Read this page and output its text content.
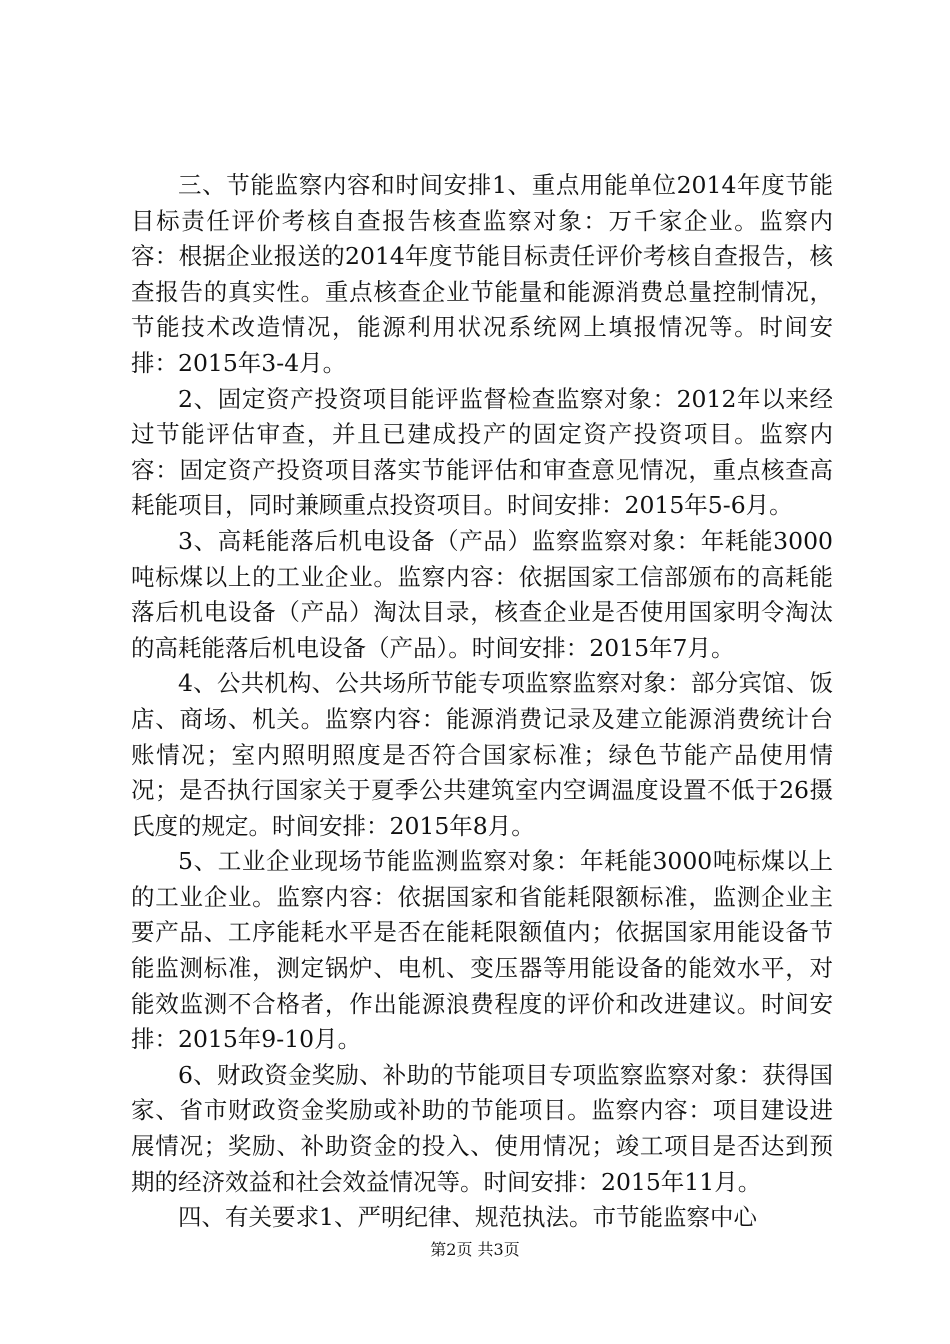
三、节能监察内容和时间安排1、重点用能单位2014年度节能目标责任评价考核自查报告核查监察对象：万千家企业。监察内容：根据企业报送的2014年度节能目标责任评价考核自查报告，核查报告的真实性。重点核查企业节能量和能源消费总量控制情况，节能技术改造情况，能源利用状况系统网上填报情况等。时间安排：2015年3-4月。

2、固定资产投资项目能评监督检查监察对象：2012年以来经过节能评估审查，并且已建成投产的固定资产投资项目。监察内容：固定资产投资项目落实节能评估和审查意见情况，重点核查高耗能项目，同时兼顾重点投资项目。时间安排：2015年5-6月。

3、高耗能落后机电设备（产品）监察监察对象：年耗能3000吨标煤以上的工业企业。监察内容：依据国家工信部颁布的高耗能落后机电设备（产品）淘汰目录，核查企业是否使用国家明令淘汰的高耗能落后机电设备（产品）。时间安排：2015年7月。

4、公共机构、公共场所节能专项监察监察对象：部分宾馆、饭店、商场、机关。监察内容：能源消费记录及建立能源消费统计台账情况；室内照明照度是否符合国家标准；绿色节能产品使用情况；是否执行国家关于夏季公共建筑室内空调温度设置不低于26摄氏度的规定。时间安排：2015年8月。

5、工业企业现场节能监测监察对象：年耗能3000吨标煤以上的工业企业。监察内容：依据国家和省能耗限额标准，监测企业主要产品、工序能耗水平是否在能耗限额值内；依据国家用能设备节能监测标准，测定锅炉、电机、变压器等用能设备的能效水平，对能效监测不合格者，作出能源浪费程度的评价和改进建议。时间安排：2015年9-10月。

6、财政资金奖励、补助的节能项目专项监察监察对象：获得国家、省市财政资金奖励或补助的节能项目。监察内容：项目建设进展情况；奖励、补助资金的投入、使用情况；竣工项目是否达到预期的经济效益和社会效益情况等。时间安排：2015年11月。

四、有关要求1、严明纪律、规范执法。市节能监察中心

第2页 共3页
